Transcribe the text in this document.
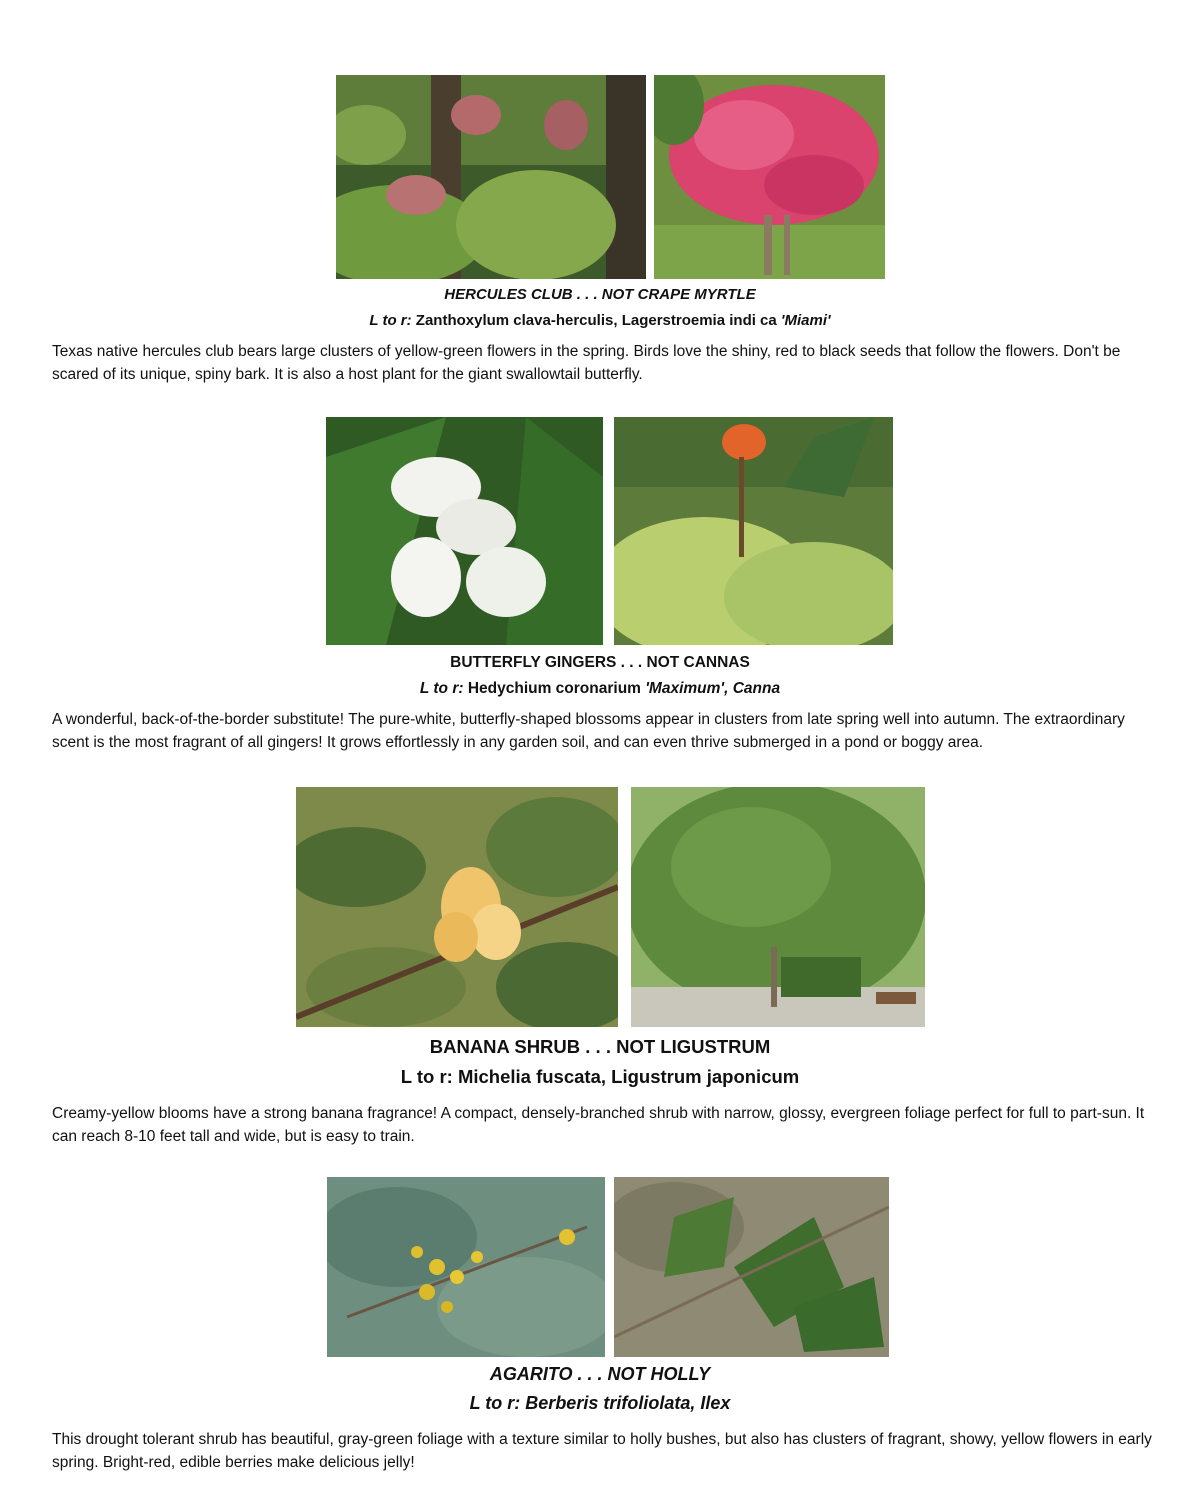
HERCULES CLUB . . . NOT CRAPE MYRTLE
L to r: Zanthoxylum clava-herculis, Lagerstroemia indi ca 'Miami'

Texas native hercules club bears large clusters of yellow-green flowers in the spring. Birds love the shiny, red to black seeds that follow the flowers. Don't be scared of its unique, spiny bark. It is also a host plant for the giant swallowtail butterfly.

BUTTERFLY GINGERS . . . NOT CANNAS
L to r: Hedychium coronarium 'Maximum', Canna

A wonderful, back-of-the-border substitute! The pure-white, butterfly-shaped blossoms appear in clusters from late spring well into autumn. The extraordinary scent is the most fragrant of all gingers! It grows effortlessly in any garden soil, and can even thrive submerged in a pond or boggy area.

BANANA SHRUB . . . NOT LIGUSTRUM
L to r: Michelia fuscata, Ligustrum japonicum

Creamy-yellow blooms have a strong banana fragrance! A compact, densely-branched shrub with narrow, glossy, evergreen foliage perfect for full to part-sun. It can reach 8-10 feet tall and wide, but is easy to train.

AGARITO . . . NOT HOLLY
L to r: Berberis trifoliolata, Ilex

This drought tolerant shrub has beautiful, gray-green foliage with a texture similar to holly bushes, but also has clusters of fragrant, showy, yellow flowers in early spring. Bright-red, edible berries make delicious jelly!
